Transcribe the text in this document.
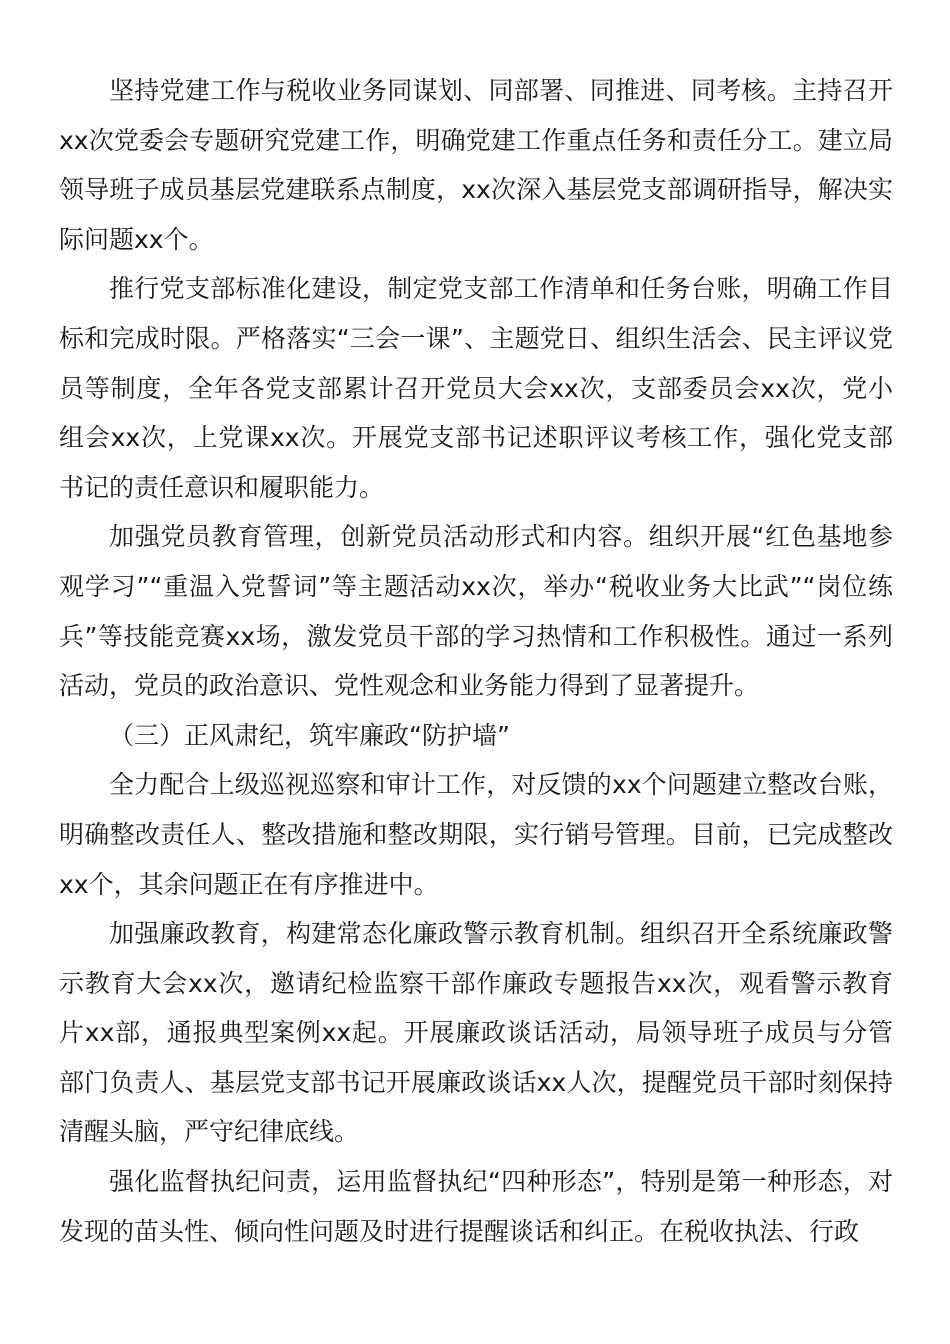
坚持党建工作与税收业务同谋划、同部署、同推进、同考核。主持召开xx次党委会专题研究党建工作，明确党建工作重点任务和责任分工。建立局领导班子成员基层党建联系点制度，xx次深入基层党支部调研指导，解决实际问题xx个。

推行党支部标准化建设，制定党支部工作清单和任务台账，明确工作目标和完成时限。严格落实“三会一课”、主题党日、组织生活会、民主评议党员等制度，全年各党支部累计召开党员大会xx次，支部委员会xx次，党小组会xx次，上党课xx次。开展党支部书记述职评议考核工作，强化党支部书记的责任意识和履职能力。

加强党员教育管理，创新党员活动形式和内容。组织开展“红色基地参观学习”“重温入党誓词”等主题活动xx次，举办“税收业务大比武”“岗位练兵”等技能竞赛xx场，激发党员干部的学习热情和工作积极性。通过一系列活动，党员的政治意识、党性观念和业务能力得到了显著提升。

（三）正风肃纪，筑牢廉政“防护墙”

全力配合上级巡视巡察和审计工作，对反馈的xx个问题建立整改台账，明确整改责任人、整改措施和整改期限，实行销号管理。目前，已完成整改xx个，其余问题正在有序推进中。

加强廉政教育，构建常态化廉政警示教育机制。组织召开全系统廉政警示教育大会xx次，邀请纪检监察干部作廉政专题报告xx次，观看警示教育片xx部，通报典型案例xx起。开展廉政谈话活动，局领导班子成员与分管部门负责人、基层党支部书记开展廉政谈话xx人次，提醒党员干部时刻保持清醒头脑，严守纪律底线。

强化监督执纪问责，运用监督执纪“四种形态”，特别是第一种形态，对发现的苗头性、倾向性问题及时进行提醒谈话和纠正。在税收执法、行政
